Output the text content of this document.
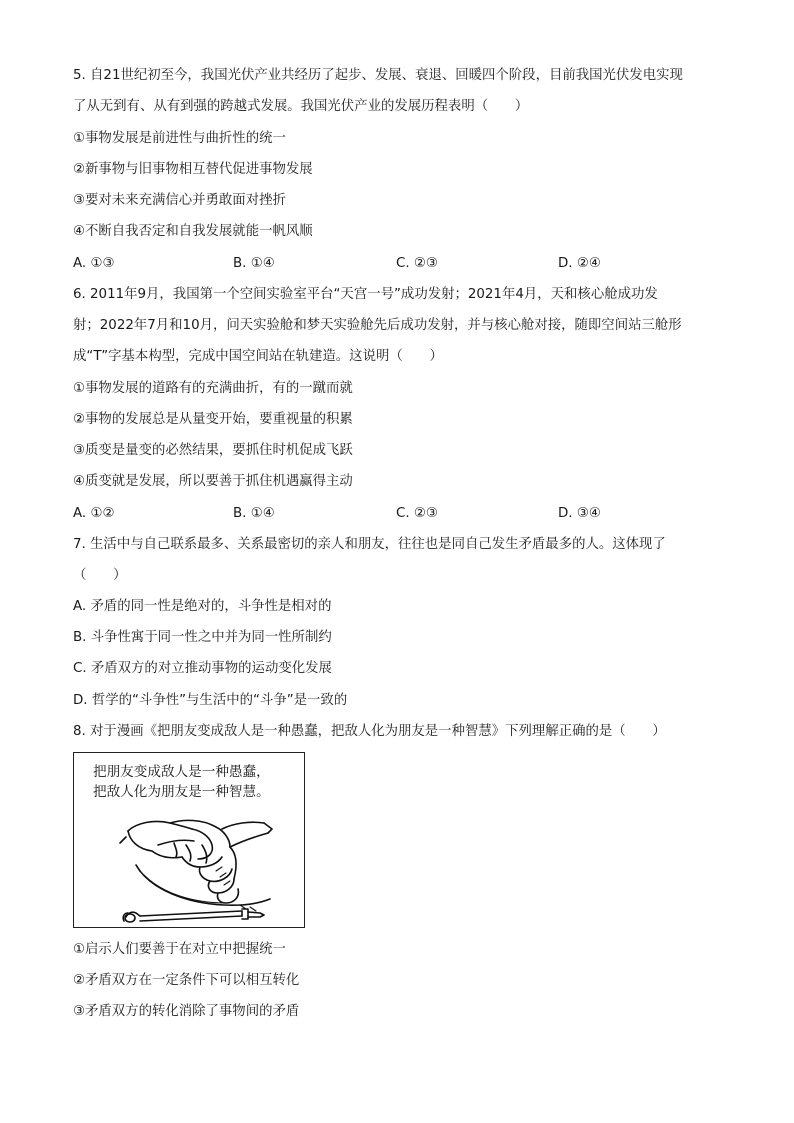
5. 自21世纪初至今，我国光伏产业共经历了起步、发展、衰退、回暖四个阶段，目前我国光伏发电实现
了从无到有、从有到强的跨越式发展。我国光伏产业的发展历程表明（　　）
①事物发展是前进性与曲折性的统一
②新事物与旧事物相互替代促进事物发展
③要对未来充满信心并勇敢面对挫折
④不断自我否定和自我发展就能一帆风顺
A. ①③	B. ①④	C. ②③	D. ②④
6. 2011年9月，我国第一个空间实验室平台“天宫一号”成功发射；2021年4月，天和核心舱成功发
射；2022年7月和10月，问天实验舱和梦天实验舱先后成功发射，并与核心舱对接，随即空间站三舱形
成“T”字基本构型，完成中国空间站在轨建造。这说明（　　）
①事物发展的道路有的充满曲折，有的一蹴而就
②事物的发展总是从量变开始，要重视量的积累
③质变是量变的必然结果，要抓住时机促成飞跃
④质变就是发展，所以要善于抓住机遇赢得主动
A. ①②	B. ①④	C. ②③	D. ③④
7. 生活中与自己联系最多、关系最密切的亲人和朋友，往往也是同自己发生矛盾最多的人。这体现了
（　　）
A. 矛盾的同一性是绝对的，斗争性是相对的
B. 斗争性寓于同一性之中并为同一性所制约
C. 矛盾双方的对立推动事物的运动变化发展
D. 哲学的“斗争性”与生活中的“斗争”是一致的
8. 对于漫画《把朋友变成敌人是一种愚蠢，把敌人化为朋友是一种智慧》下列理解正确的是（　　）
把朋友变成敌人是一种愚蠢，
把敌人化为朋友是一种智慧。
①启示人们要善于在对立中把握统一
②矛盾双方在一定条件下可以相互转化
③矛盾双方的转化消除了事物间的矛盾
